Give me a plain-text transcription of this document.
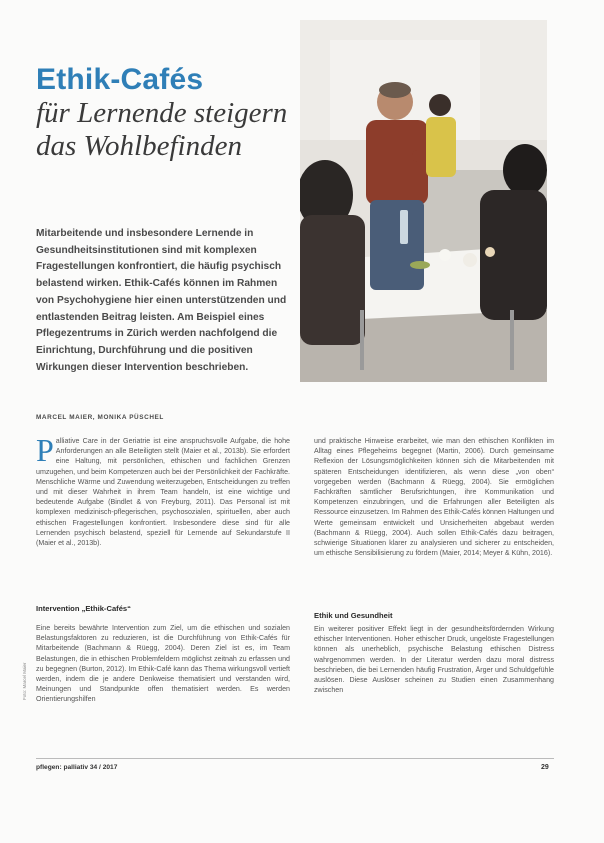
Ethik-Cafés
für Lernende steigern das Wohlbefinden
Mitarbeitende und insbesondere Lernende in Gesundheitsinstitutionen sind mit komplexen Fragestellungen konfrontiert, die häufig psychisch belastend wirken. Ethik-Cafés können im Rahmen von Psychohygiene hier einen unterstützenden und entlastenden Beitrag leisten. Am Beispiel eines Pflegezentrums in Zürich werden nachfolgend die Einrichtung, Durchführung und die positiven Wirkungen dieser Intervention beschrieben.
MARCEL MAIER, MONIKA PÜSCHEL

Palliative Care in der Geriatrie ist eine anspruchsvolle Aufgabe, die hohe Anforderungen an alle Beteiligten stellt (Maier et al., 2013b). Sie erfordert eine Haltung, mit persönlichen, ethischen und fachlichen Grenzen umzugehen, und beim Kompetenzen auch bei der Persönlichkeit der Fachkräfte. Menschliche Wärme und Zuwendung weiterzugeben, Entscheidungen zu treffen und mit dieser Wahrheit in ihrem Team handeln, ist eine wichtige und bedeutende Aufgabe (Bindlet & von Freyburg, 2011). Das Personal ist mit komplexen medizinisch-pflegerischen, psychosozialen, spirituellen, aber auch ethischen Fragestellungen konfrontiert. Insbesondere diese sind für alle Lernenden psychisch belastend, speziell für Lernende auf Sekundarstufe II (Maier et al., 2013b).

Intervention „Ethik-Cafés“

Eine bereits bewährte Intervention zum Ziel, um die ethischen und sozialen Belastungsfaktoren zu reduzieren, ist die Durchführung von Ethik-Cafés für Mitarbeitende (Bachmann & Rüegg, 2004). Deren Ziel ist es, im Team Belastungen, die in ethischen Problemfeldern möglichst zeitnah zu erfassen und zu begegnen (Burton, 2012). Im Ethik-Café kann das Thema wirkungsvoll vertieft werden, indem die je andere Denkweise thematisiert und verstanden wird, Meinungen und Standpunkte offen thematisiert werden. Es werden Orientierungshilfen

und praktische Hinweise erarbeitet, wie man den ethischen Konflikten im Alltag eines Pflegeheims begegnet (Martin, 2006). Durch gemeinsame Reflexion der Lösungsmöglichkeiten können sich die Mitarbeitenden mit späteren Entscheidungen identifizieren, als wenn diese „von oben“ vorgegeben werden (Bachmann & Rüegg, 2004). Sie ermöglichen Fachkräften sämtlicher Berufsrichtungen, ihre Kommunikation und Kompetenzen einzubringen, und die Erfahrungen aller Beteiligten als Ressource einzusetzen. Im Rahmen des Ethik-Cafés können Haltungen und Werte gemeinsam entwickelt und Unsicherheiten abgebaut werden (Bachmann & Rüegg, 2004). Auch sollen Ethik-Cafés dazu beitragen, schwierige Situationen klarer zu analysieren und sicherer zu entscheiden, um ethische Sensibilisierung zu fördern (Maier, 2014; Meyer & Kühn, 2016).

Ethik und Gesundheit

Ein weiterer positiver Effekt liegt in der gesundheitsfördernden Wirkung ethischer Interventionen. Hoher ethischer Druck, ungelöste Fragestellungen können als unerheblich, psychische Belastung ethischen Distress wahrgenommen werden. In der Literatur werden dazu moral distress beschrieben, die bei Lernenden häufig Frustration, Ärger und Schuldgefühle auslösen. Diese Auslöser scheinen zu Studien einen Zusammenhang zwischen

Foto: Marcel Maier
pflegen: palliativ 34 / 2017	29
